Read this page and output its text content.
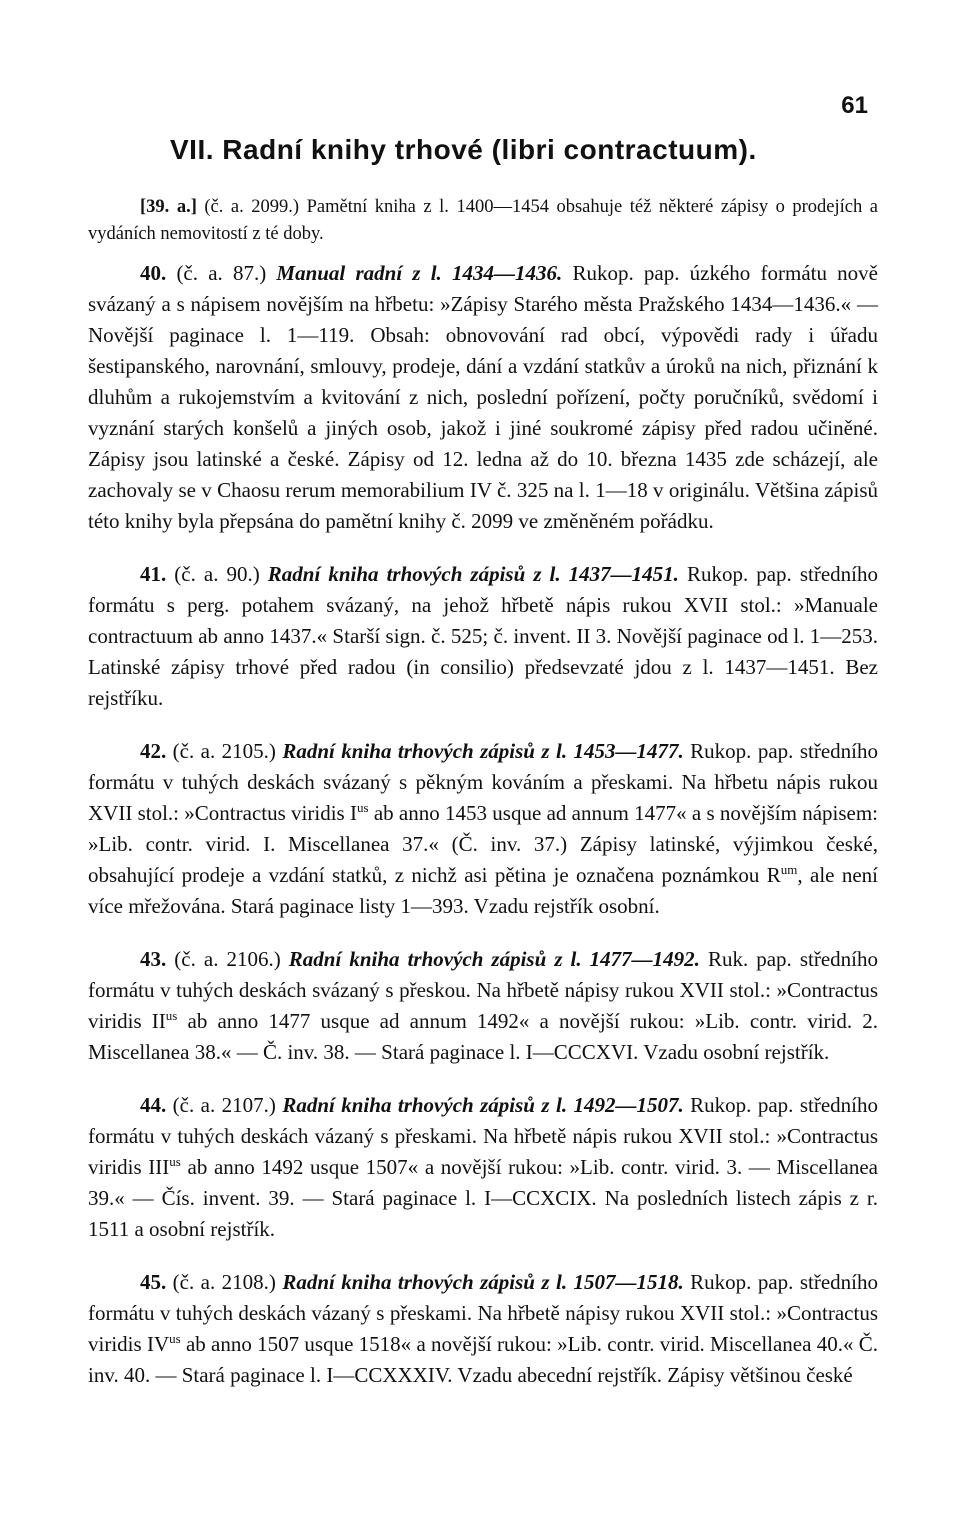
61
VII. Radní knihy trhové (libri contractuum).

[39. a.] (č. a. 2099.) Pamětní kniha z l. 1400—1454 obsahuje též některé zápisy o prodejích a vydáních nemovitostí z té doby.

40. (č. a. 87.) Manual radní z l. 1434—1436. Rukop. pap. úzkého formátu nově svázaný a s nápisem novějším na hřbetu: »Zápisy Starého města Pražského 1434—1436.« — Novější paginace l. 1—119. Obsah: obnovování rad obcí, výpovědi rady i úřadu šestipanského, narovnání, smlouvy, prodeje, dání a vzdání statkův a úroků na nich, přiznání k dluhům a rukojemstvím a kvitování z nich, poslední pořízení, počty poručníků, svědomí i vyznání starých konšelů a jiných osob, jakož i jiné soukromé zápisy před radou učiněné. Zápisy jsou latinské a české. Zápisy od 12. ledna až do 10. března 1435 zde scházejí, ale zachovaly se v Chaosu rerum memorabilium IV č. 325 na l. 1—18 v originálu. Většina zápisů této knihy byla přepsána do pamětní knihy č. 2099 ve změněném pořádku.

41. (č. a. 90.) Radní kniha trhových zápisů z l. 1437—1451. Rukop. pap. středního formátu s perg. potahem svázaný, na jehož hřbetě nápis rukou XVII stol.: »Manuale contractuum ab anno 1437.« Starší sign. č. 525; č. invent. II 3. Novější paginace od l. 1—253. Latinské zápisy trhové před radou (in consilio) předsevzaté jdou z l. 1437—1451. Bez rejstříku.

42. (č. a. 2105.) Radní kniha trhových zápisů z l. 1453—1477. Rukop. pap. středního formátu v tuhých deskách svázaný s pěkným kováním a přeskami. Na hřbetu nápis rukou XVII stol.: »Contractus viridis $I^{us}$ ab anno 1453 usque ad annum 1477« a s novějším nápisem: »Lib. contr. virid. I. Miscellanea 37.« (Č. inv. 37.) Zápisy latinské, výjimkou české, obsahující prodeje a vzdání statků, z nichž asi pětina je označena poznámkou $R^{um}$, ale není více mřežována. Stará paginace listy 1—393. Vzadu rejstřík osobní.

43. (č. a. 2106.) Radní kniha trhových zápisů z l. 1477—1492. Ruk. pap. středního formátu v tuhých deskách svázaný s přeskou. Na hřbetě nápisy rukou XVII stol.: »Contractus viridis $II^{us}$ ab anno 1477 usque ad annum 1492« a novější rukou: »Lib. contr. virid. 2. Miscellanea 38.« — Č. inv. 38. — Stará paginace l. I—CCCXVI. Vzadu osobní rejstřík.

44. (č. a. 2107.) Radní kniha trhových zápisů z l. 1492—1507. Rukop. pap. středního formátu v tuhých deskách vázaný s přeskami. Na hřbetě nápis rukou XVII stol.: »Contractus viridis $III^{us}$ ab anno 1492 usque 1507« a novější rukou: »Lib. contr. virid. 3. — Miscellanea 39.« — Čís. invent. 39. — Stará paginace l. I—CCXCIX. Na posledních listech zápis z r. 1511 a osobní rejstřík.

45. (č. a. 2108.) Radní kniha trhových zápisů z l. 1507—1518. Rukop. pap. středního formátu v tuhých deskách vázaný s přeskami. Na hřbetě nápisy rukou XVII stol.: »Contractus viridis $IV^{us}$ ab anno 1507 usque 1518« a novější rukou: »Lib. contr. virid. Miscellanea 40.« Č. inv. 40. — Stará paginace l. I—CCXXXIV. Vzadu abecední rejstřík. Zápisy většinou české
